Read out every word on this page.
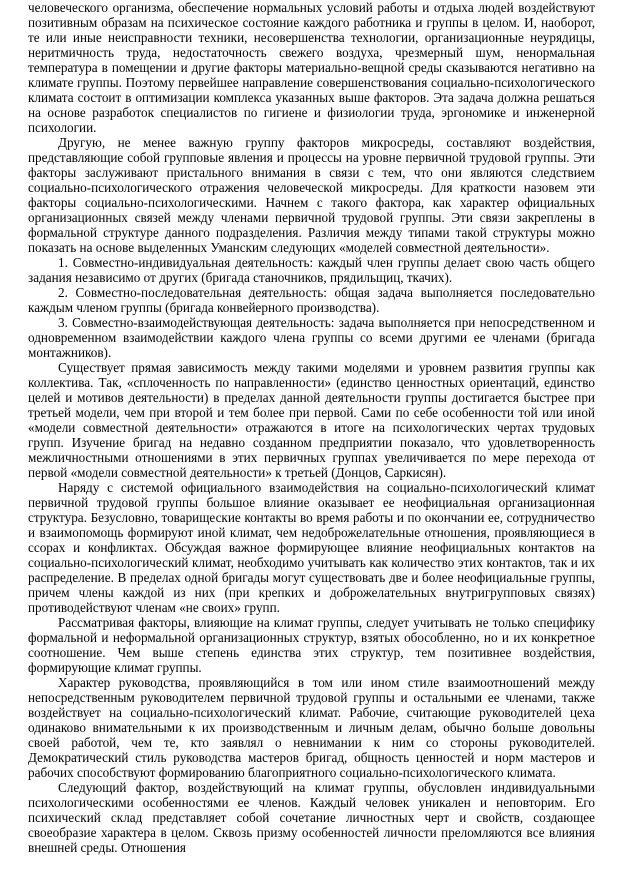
человеческого организма, обеспечение нормальных условий работы и отдыха людей воздействуют позитивным образам на психическое состояние каждого работника и группы в целом. И, наоборот, те или иные неисправности техники, несовершенства технологии, организационные неурядицы, неритмичность труда, недостаточность свежего воздуха, чрезмерный шум, ненормальная температура в помещении и другие факторы материально-вещной среды сказываются негативно на климате группы. Поэтому первейшее направление совершенствования социально-психологического климата состоит в оптимизации комплекса указанных выше факторов. Эта задача должна решаться на основе разработок специалистов по гигиене и физиологии труда, эргономике и инженерной психологии.

Другую, не менее важную группу факторов микросреды, составляют воздействия, представляющие собой групповые явления и процессы на уровне первичной трудовой группы. Эти факторы заслуживают пристального внимания в связи с тем, что они являются следствием социально-психологического отражения человеческой микросреды. Для краткости назовем эти факторы социально-психологическими. Начнем с такого фактора, как характер официальных организационных связей между членами первичной трудовой группы. Эти связи закреплены в формальной структуре данного подразделения. Различия между типами такой структуры можно показать на основе выделенных Уманским следующих «моделей совместной деятельности».

1. Совместно-индивидуальная деятельность: каждый член группы делает свою часть общего задания независимо от других (бригада станочников, прядильщиц, ткачих).

2. Совместно-последовательная деятельность: общая задача выполняется последовательно каждым членом группы (бригада конвейерного производства).

3. Совместно-взаимодействующая деятельность: задача выполняется при непосредственном и одновременном взаимодействии каждого члена группы со всеми другими ее членами (бригада монтажников).

Существует прямая зависимость между такими моделями и уровнем развития группы как коллектива. Так, «сплоченность по направленности» (единство ценностных ориентаций, единство целей и мотивов деятельности) в пределах данной деятельности группы достигается быстрее при третьей модели, чем при второй и тем более при первой. Сами по себе особенности той или иной «модели совместной деятельности» отражаются в итоге на психологических чертах трудовых групп. Изучение бригад на недавно созданном предприятии показало, что удовлетворенность межличностными отношениями в этих первичных группах увеличивается по мере перехода от первой «модели совместной деятельности» к третьей (Донцов, Саркисян).

Наряду с системой официального взаимодействия на социально-психологический климат первичной трудовой группы большое влияние оказывает ее неофициальная организационная структура. Безусловно, товарищеские контакты во время работы и по окончании ее, сотрудничество и взаимопомощь формируют иной климат, чем недоброжелательные отношения, проявляющиеся в ссорах и конфликтах. Обсуждая важное формирующее влияние неофициальных контактов на социально-психологический климат, необходимо учитывать как количество этих контактов, так и их распределение. В пределах одной бригады могут существовать две и более неофициальные группы, причем члены каждой из них (при крепких и доброжелательных внутригрупповых связях) противодействуют членам «не своих» групп.

Рассматривая факторы, влияющие на климат группы, следует учитывать не только специфику формальной и неформальной организационных структур, взятых обособленно, но и их конкретное соотношение. Чем выше степень единства этих структур, тем позитивнее воздействия, формирующие климат группы.

Характер руководства, проявляющийся в том или ином стиле взаимоотношений между непосредственным руководителем первичной трудовой группы и остальными ее членами, также воздействует на социально-психологический климат. Рабочие, считающие руководителей цеха одинаково внимательными к их производственным и личным делам, обычно больше довольны своей работой, чем те, кто заявлял о невнимании к ним со стороны руководителей. Демократический стиль руководства мастеров бригад, общность ценностей и норм мастеров и рабочих способствуют формированию благоприятного социально-психологического климата.

Следующий фактор, воздействующий на климат группы, обусловлен индивидуальными психологическими особенностями ее членов. Каждый человек уникален и неповторим. Его психический склад представляет собой сочетание личностных черт и свойств, создающее своеобразие характера в целом. Сквозь призму особенностей личности преломляются все влияния внешней среды. Отношения
